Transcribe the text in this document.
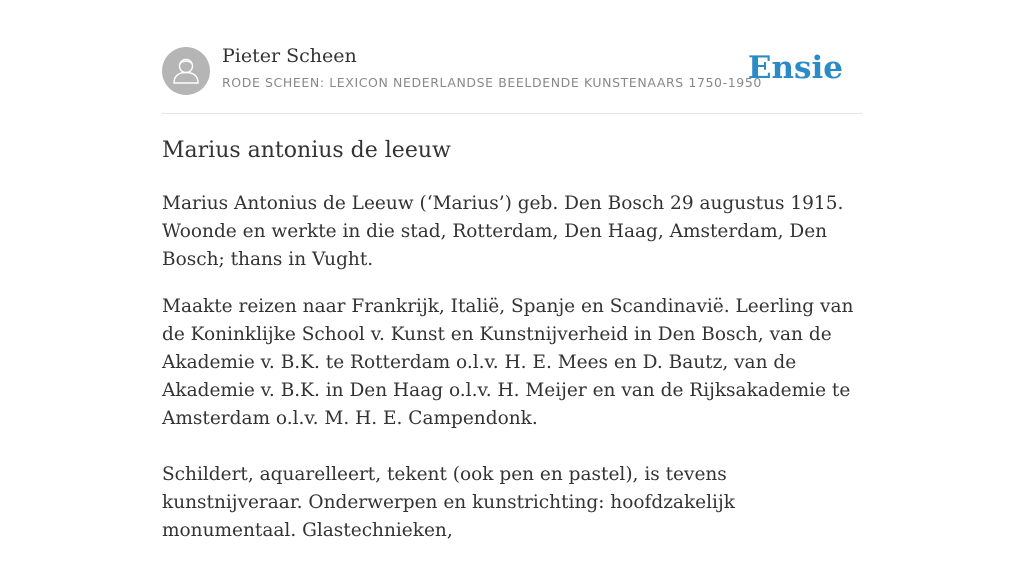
Pieter Scheen
RODE SCHEEN: LEXICON NEDERLANDSE BEELDENDE KUNSTENAARS 1750-1950
Ensie
Marius antonius de leeuw

Marius Antonius de Leeuw (‘Marius’) geb. Den Bosch 29 augustus 1915. Woonde en werkte in die stad, Rotterdam, Den Haag, Amsterdam, Den Bosch; thans in Vught.

Maakte reizen naar Frankrijk, Italië, Spanje en Scandinavië. Leerling van de Koninklijke School v. Kunst en Kunstnijverheid in Den Bosch, van de Akademie v. B.K. te Rotterdam o.l.v. H. E. Mees en D. Bautz, van de Akademie v. B.K. in Den Haag o.l.v. H. Meijer en van de Rijksakademie te Amsterdam o.l.v. M. H. E. Campendonk.

Schildert, aquarelleert, tekent (ook pen en pastel), is tevens kunstnijveraar. Onderwerpen en kunstrichting: hoofdzakelijk monumentaal. Glastechnieken,
